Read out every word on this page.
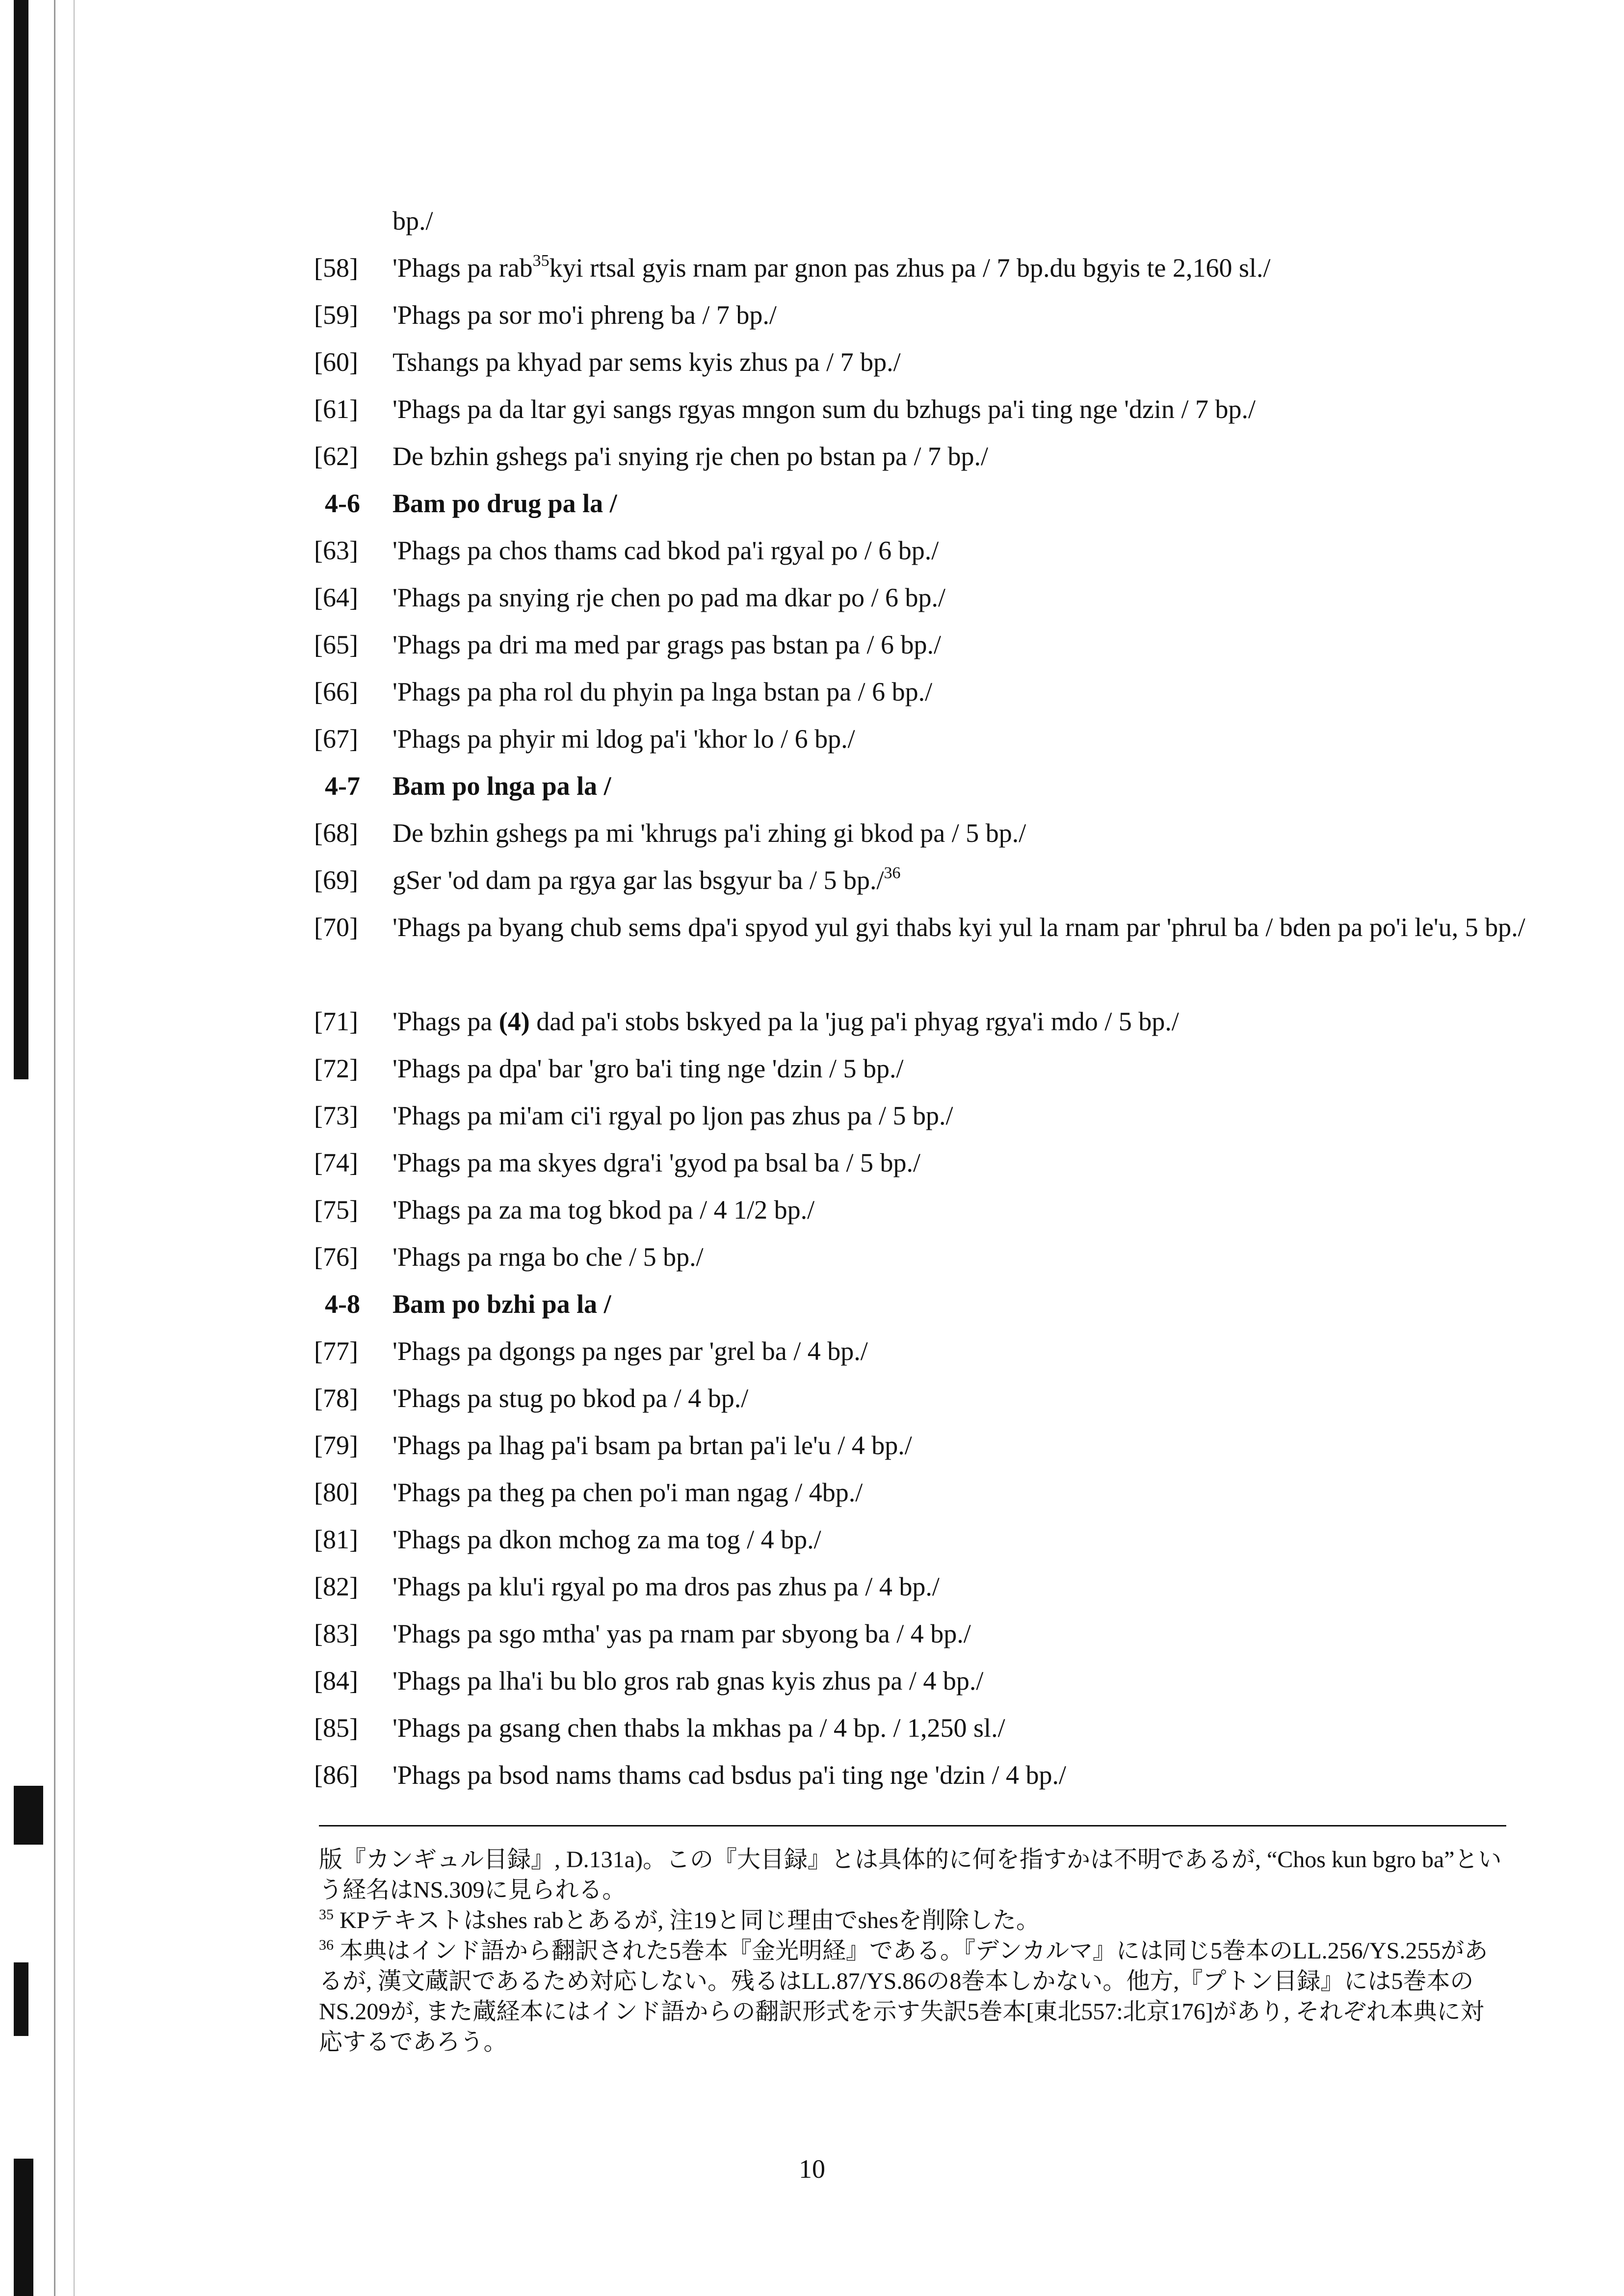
bp./
[58]	'Phags pa rab$^{35}$kyi rtsal gyis rnam par gnon pas zhus pa / 7 bp.du bgyis te 2,160 sl./
[59]	'Phags pa sor mo'i phreng ba / 7 bp./
[60]	Tshangs pa khyad par sems kyis zhus pa / 7 bp./
[61]	'Phags pa da ltar gyi sangs rgyas mngon sum du bzhugs pa'i ting nge 'dzin / 7 bp./
[62]	De bzhin gshegs pa'i snying rje chen po bstan pa / 7 bp./
4-6	Bam po drug pa la /
[63]	'Phags pa chos thams cad bkod pa'i rgyal po / 6 bp./
[64]	'Phags pa snying rje chen po pad ma dkar po / 6 bp./
[65]	'Phags pa dri ma med par grags pas bstan pa / 6 bp./
[66]	'Phags pa pha rol du phyin pa lnga bstan pa / 6 bp./
[67]	'Phags pa phyir mi ldog pa'i 'khor lo / 6 bp./
4-7	Bam po lnga pa la /
[68]	De bzhin gshegs pa mi 'khrugs pa'i zhing gi bkod pa / 5 bp./
[69]	gSer 'od dam pa rgya gar las bsgyur ba / 5 bp./$^{36}$
[70]	'Phags pa byang chub sems dpa'i spyod yul gyi thabs kyi yul la rnam par 'phrul ba / bden pa po'i le'u, 5 bp./
[71]	'Phags pa (4) dad pa'i stobs bskyed pa la 'jug pa'i phyag rgya'i mdo / 5 bp./
[72]	'Phags pa dpa' bar 'gro ba'i ting nge 'dzin / 5 bp./
[73]	'Phags pa mi'am ci'i rgyal po ljon pas zhus pa / 5 bp./
[74]	'Phags pa ma skyes dgra'i 'gyod pa bsal ba / 5 bp./
[75]	'Phags pa za ma tog bkod pa / 4 1/2 bp./
[76]	'Phags pa rnga bo che / 5 bp./
4-8	Bam po bzhi pa la /
[77]	'Phags pa dgongs pa nges par 'grel ba / 4 bp./
[78]	'Phags pa stug po bkod pa / 4 bp./
[79]	'Phags pa lhag pa'i bsam pa brtan pa'i le'u / 4 bp./
[80]	'Phags pa theg pa chen po'i man ngag / 4bp./
[81]	'Phags pa dkon mchog za ma tog / 4 bp./
[82]	'Phags pa klu'i rgyal po ma dros pas zhus pa / 4 bp./
[83]	'Phags pa sgo mtha' yas pa rnam par sbyong ba / 4 bp./
[84]	'Phags pa lha'i bu blo gros rab gnas kyis zhus pa / 4 bp./
[85]	'Phags pa gsang chen thabs la mkhas pa / 4 bp. / 1,250 sl./
[86]	'Phags pa bsod nams thams cad bsdus pa'i ting nge 'dzin / 4 bp./

版『カンギュル目録』, D.131a)。この『大目録』とは具体的に何を指すかは不明であるが, “Chos kun bgro ba”という経名はNS.309に見られる。

$^{35}$ KPテキストはshes rabとあるが, 注19と同じ理由でshesを削除した。

$^{36}$ 本典はインド語から翻訳された5巻本『金光明経』である。『デンカルマ』には同じ5巻本のLL.256/YS.255があるが, 漢文蔵訳であるため対応しない。残るはLL.87/YS.86の8巻本しかない。他方,『プトン目録』には5巻本のNS.209が, また蔵経本にはインド語からの翻訳形式を示す失訳5巻本[東北557:北京176]があり, それぞれ本典に対応するであろう。

10
